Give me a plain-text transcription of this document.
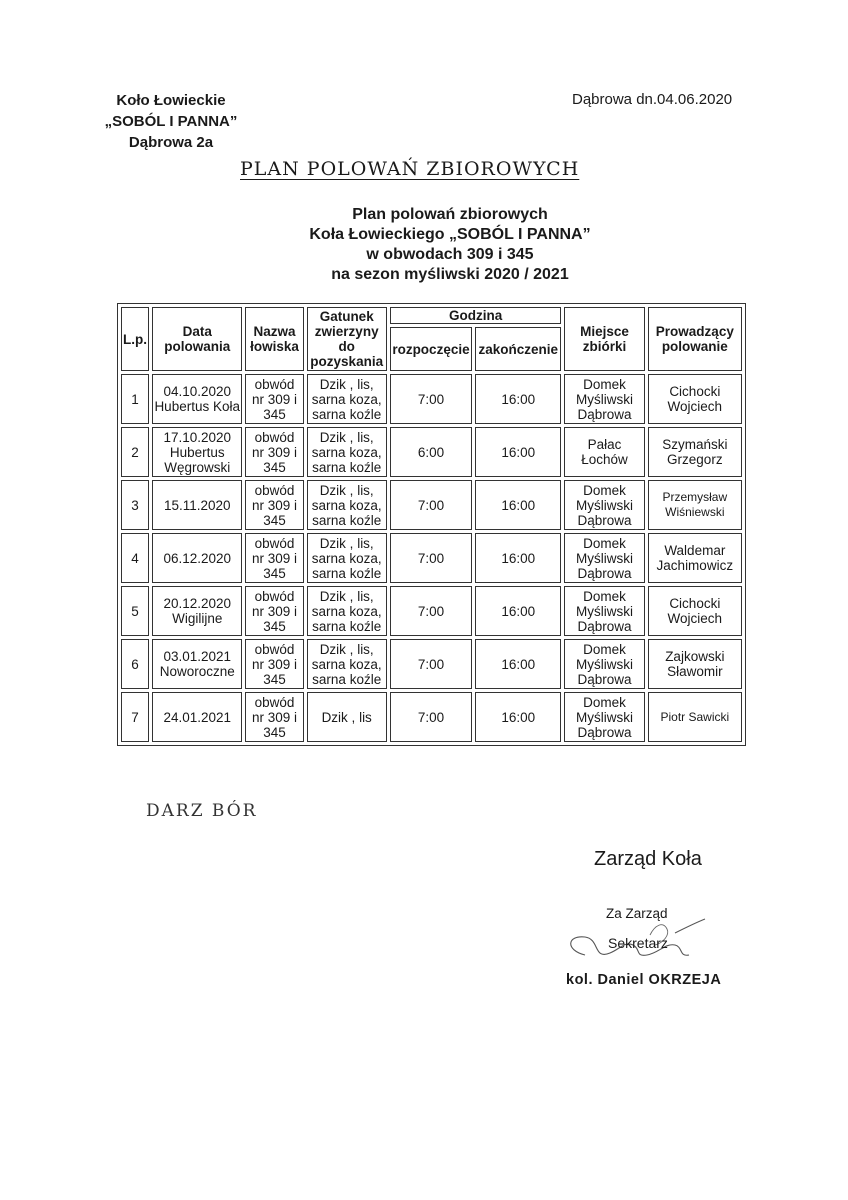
Koło Łowieckie
„SOBÓL I PANNA”
Dąbrowa 2a
Dąbrowa dn.04.06.2020
PLAN POLOWAŃ ZBIOROWYCH
Plan polowań zbiorowych
Koła Łowieckiego „SOBÓL I PANNA”
w obwodach 309 i 345
na sezon myśliwski 2020 / 2021
L.p.	Data polowania	Nazwa łowiska	Gatunek zwierzyny do pozyskania	Godzina		Miejsce zbiórki	Prowadzący polowanie
				rozpoczęcie	zakończenie		
1	04.10.2020 Hubertus Koła	obwód nr 309 i 345	Dzik , lis, sarna koza, sarna koźle	7:00	16:00	Domek Myśliwski Dąbrowa	Cichocki Wojciech
2	17.10.2020 Hubertus Węgrowski	obwód nr 309 i 345	Dzik , lis, sarna koza, sarna koźle	6:00	16:00	Pałac Łochów	Szymański Grzegorz
3	15.11.2020	obwód nr 309 i 345	Dzik , lis, sarna koza, sarna koźle	7:00	16:00	Domek Myśliwski Dąbrowa	Przemysław Wiśniewski
4	06.12.2020	obwód nr 309 i 345	Dzik , lis, sarna koza, sarna koźle	7:00	16:00	Domek Myśliwski Dąbrowa	Waldemar Jachimowicz
5	20.12.2020 Wigilijne	obwód nr 309 i 345	Dzik , lis, sarna koza, sarna koźle	7:00	16:00	Domek Myśliwski Dąbrowa	Cichocki Wojciech
6	03.01.2021 Noworoczne	obwód nr 309 i 345	Dzik , lis, sarna koza, sarna koźle	7:00	16:00	Domek Myśliwski Dąbrowa	Zajkowski Sławomir
7	24.01.2021	obwód nr 309 i 345	Dzik , lis	7:00	16:00	Domek Myśliwski Dąbrowa	Piotr Sawicki
DARZ BÓR
Zarząd Koła
Za Zarząd
Sekretarz
kol. Daniel OKRZEJA
